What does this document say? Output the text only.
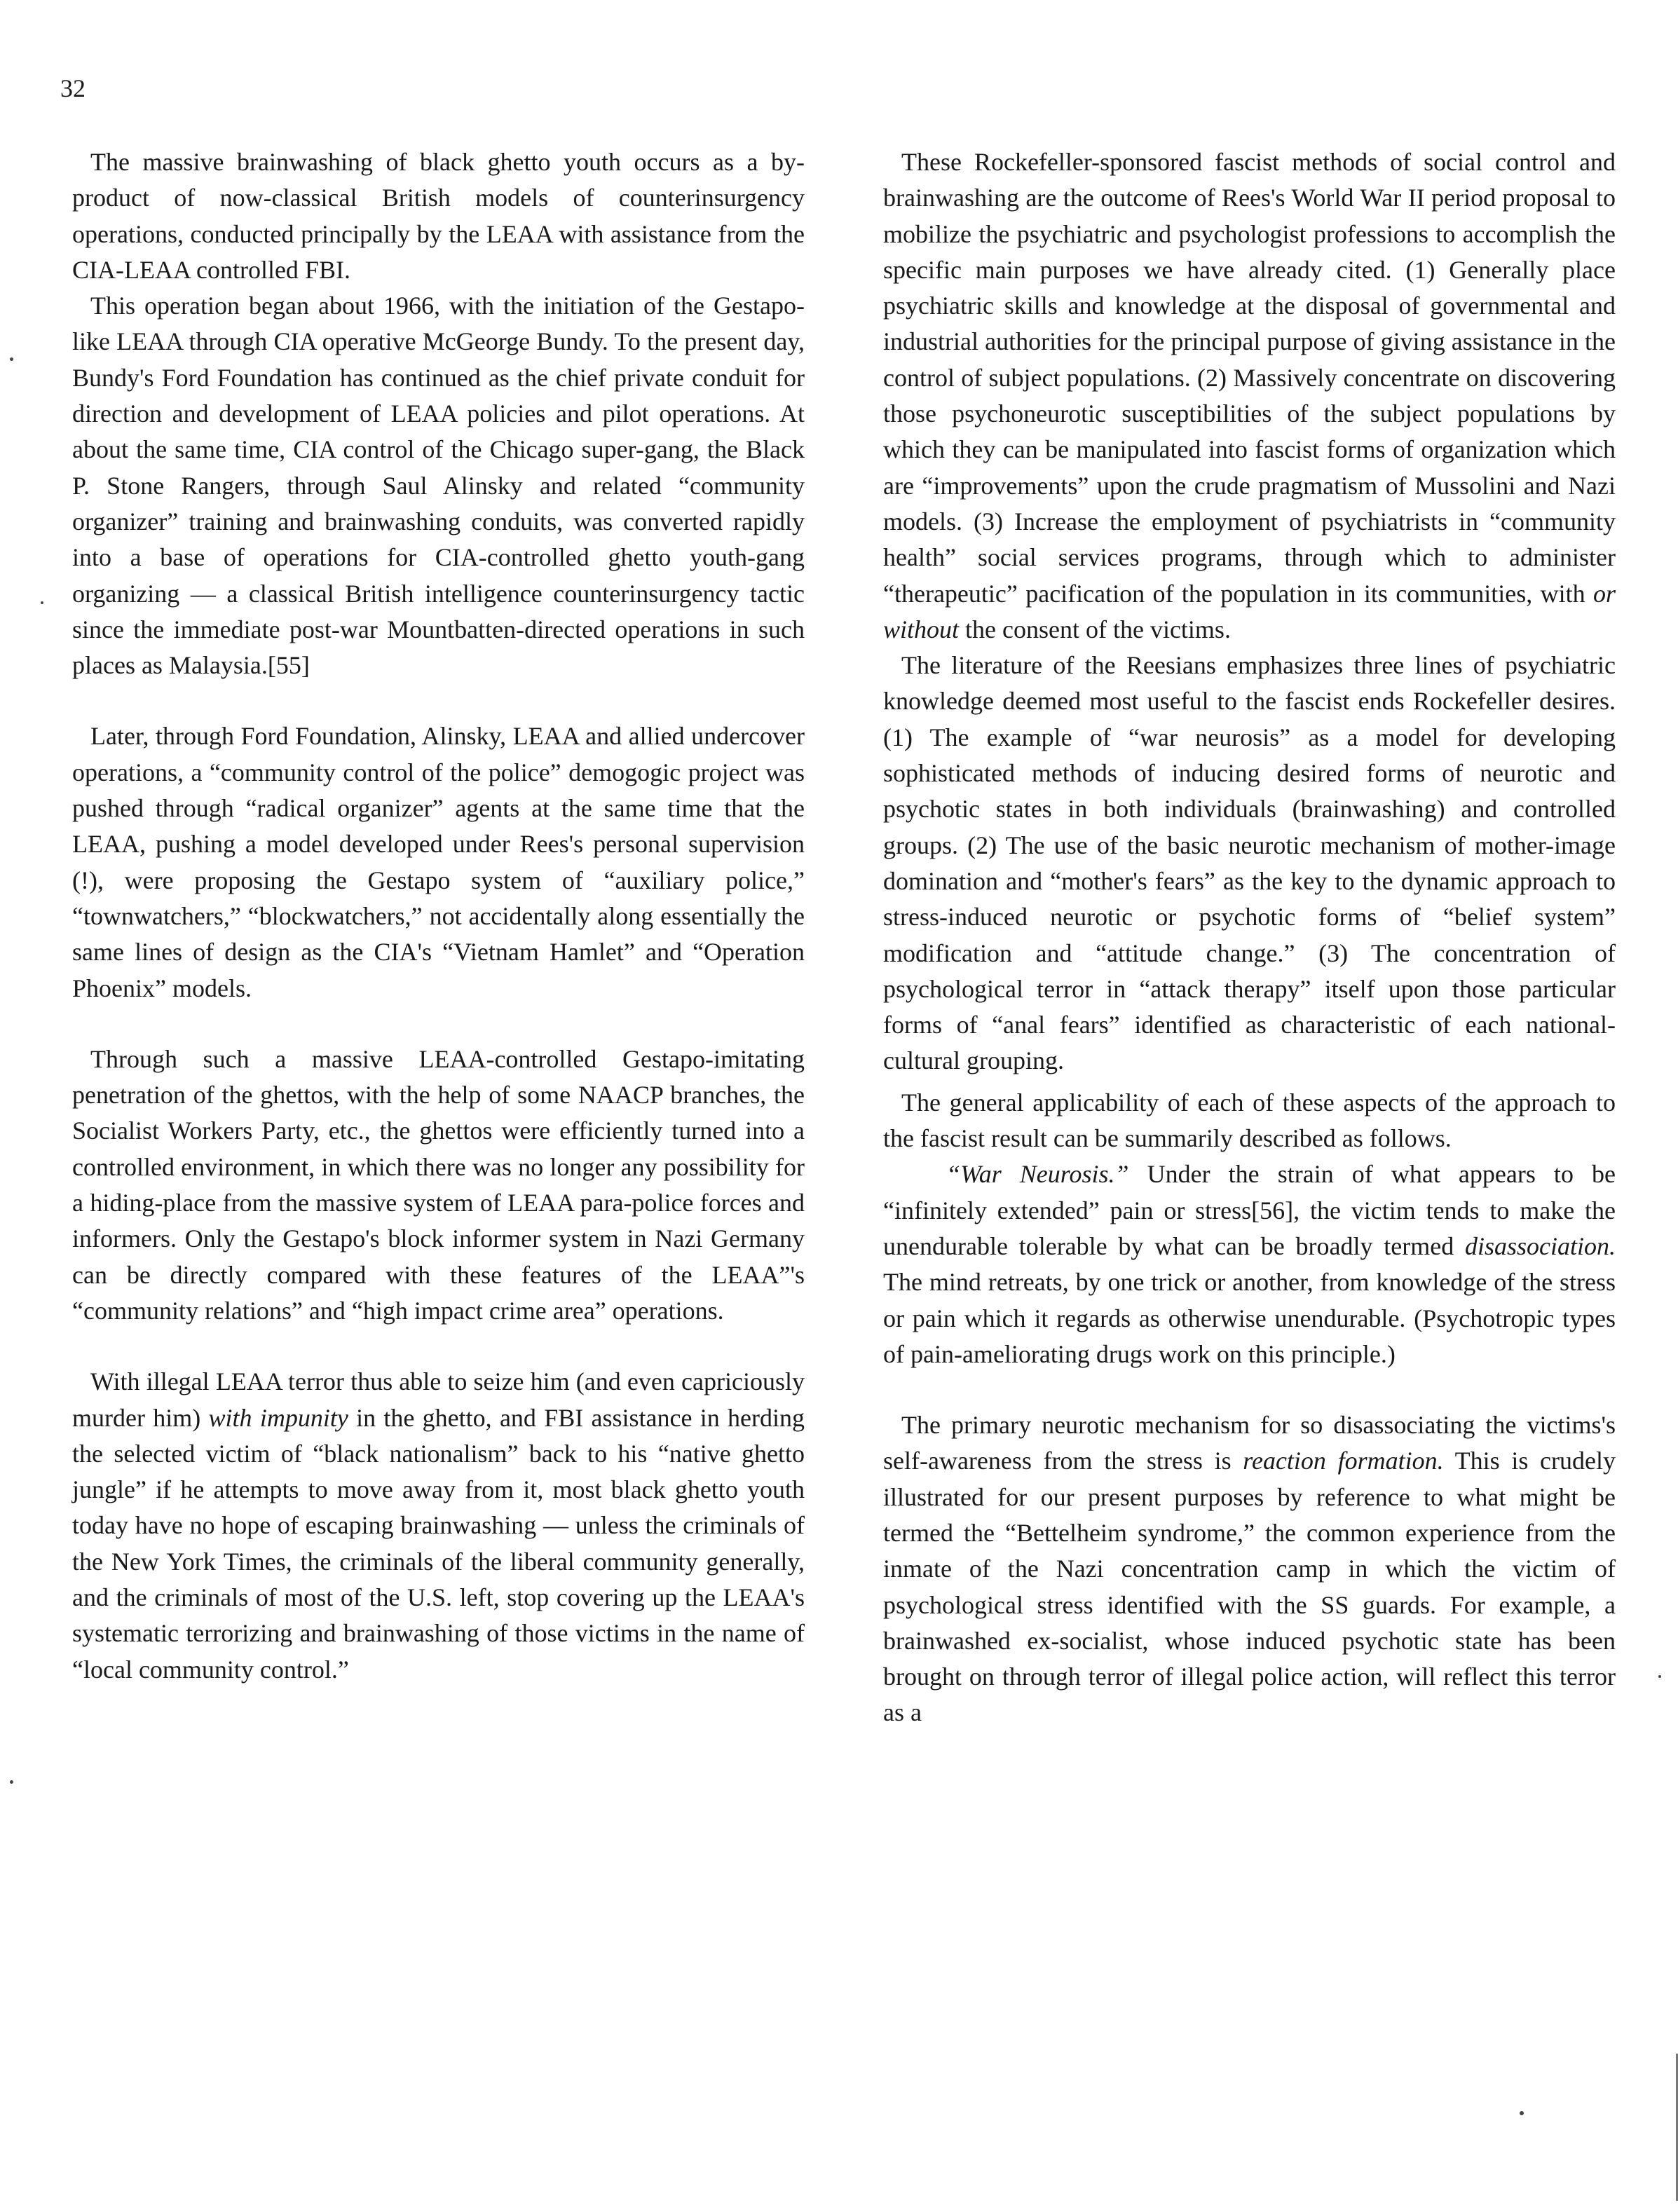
32

The massive brainwashing of black ghetto youth occurs as a by-product of now-classical British models of counterinsurgency operations, conducted principally by the LEAA with assistance from the CIA-LEAA controlled FBI.

This operation began about 1966, with the initiation of the Gestapo-like LEAA through CIA operative McGeorge Bundy. To the present day, Bundy's Ford Foundation has continued as the chief private conduit for direction and development of LEAA policies and pilot operations. At about the same time, CIA control of the Chicago super-gang, the Black P. Stone Rangers, through Saul Alinsky and related “community organizer” training and brainwashing conduits, was converted rapidly into a base of operations for CIA-controlled ghetto youth-gang organizing — a classical British intelligence counterinsurgency tactic since the immediate post-war Mountbatten-directed operations in such places as Malaysia.[55]

Later, through Ford Foundation, Alinsky, LEAA and allied undercover operations, a “community control of the police” demogogic project was pushed through “radical organizer” agents at the same time that the LEAA, pushing a model developed under Rees's personal supervision (!), were proposing the Gestapo system of “auxiliary police,” “townwatchers,” “blockwatchers,” not accidentally along essentially the same lines of design as the CIA's “Vietnam Hamlet” and “Operation Phoenix” models.

Through such a massive LEAA-controlled Gestapo-imitating penetration of the ghettos, with the help of some NAACP branches, the Socialist Workers Party, etc., the ghettos were efficiently turned into a controlled environment, in which there was no longer any possibility for a hiding-place from the massive system of LEAA para-police forces and informers. Only the Gestapo's block informer system in Nazi Germany can be directly compared with these features of the LEAA”'s “community relations” and “high impact crime area” operations.

With illegal LEAA terror thus able to seize him (and even capriciously murder him) with impunity in the ghetto, and FBI assistance in herding the selected victim of “black nationalism” back to his “native ghetto jungle” if he attempts to move away from it, most black ghetto youth today have no hope of escaping brainwashing — unless the criminals of the New York Times, the criminals of the liberal community generally, and the criminals of most of the U.S. left, stop covering up the LEAA's systematic terrorizing and brainwashing of those victims in the name of “local community control.”

These Rockefeller-sponsored fascist methods of social control and brainwashing are the outcome of Rees's World War II period proposal to mobilize the psychiatric and psychologist professions to accomplish the specific main purposes we have already cited. (1) Generally place psychiatric skills and knowledge at the disposal of governmental and industrial authorities for the principal purpose of giving assistance in the control of subject populations. (2) Massively concentrate on discovering those psychoneurotic susceptibilities of the subject populations by which they can be manipulated into fascist forms of organization which are “improvements” upon the crude pragmatism of Mussolini and Nazi models. (3) Increase the employment of psychiatrists in “community health” social services programs, through which to administer “therapeutic” pacification of the population in its communities, with or without the consent of the victims.

The literature of the Reesians emphasizes three lines of psychiatric knowledge deemed most useful to the fascist ends Rockefeller desires. (1) The example of “war neurosis” as a model for developing sophisticated methods of inducing desired forms of neurotic and psychotic states in both individuals (brainwashing) and controlled groups. (2) The use of the basic neurotic mechanism of mother-image domination and “mother's fears” as the key to the dynamic approach to stress-induced neurotic or psychotic forms of “belief system” modification and “attitude change.” (3) The concentration of psychological terror in “attack therapy” itself upon those particular forms of “anal fears” identified as characteristic of each national-cultural grouping.

The general applicability of each of these aspects of the approach to the fascist result can be summarily described as follows.

“War Neurosis.” Under the strain of what appears to be “infinitely extended” pain or stress[56], the victim tends to make the unendurable tolerable by what can be broadly termed disassociation. The mind retreats, by one trick or another, from knowledge of the stress or pain which it regards as otherwise unendurable. (Psychotropic types of pain-ameliorating drugs work on this principle.)

The primary neurotic mechanism for so disassociating the victims's self-awareness from the stress is reaction formation. This is crudely illustrated for our present purposes by reference to what might be termed the “Bettelheim syndrome,” the common experience from the inmate of the Nazi concentration camp in which the victim of psychological stress identified with the SS guards. For example, a brainwashed ex-socialist, whose induced psychotic state has been brought on through terror of illegal police action, will reflect this terror as a
